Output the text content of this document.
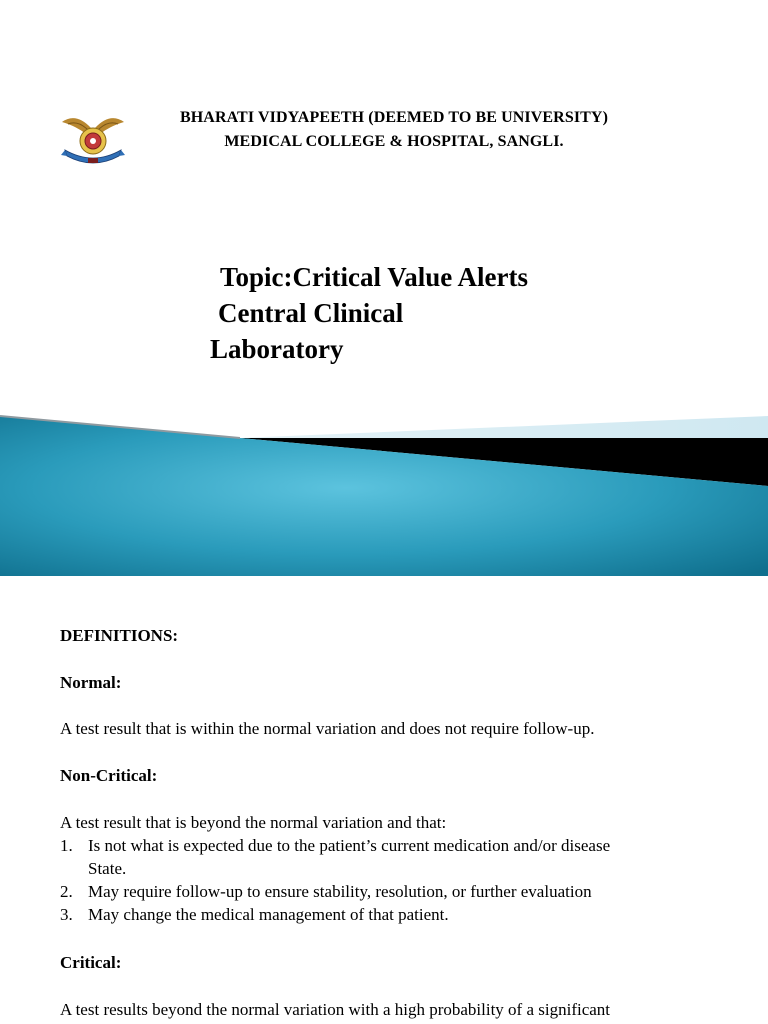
BHARATI VIDYAPEETH (DEEMED TO BE UNIVERSITY)
MEDICAL COLLEGE & HOSPITAL, SANGLI.
Topic:Critical Value Alerts
Central Clinical
Laboratory
DEFINITIONS:
Normal:
A test result that is within the normal variation and does not require follow-up.
Non-Critical:
A test result that is beyond the normal variation and that:
1. Is not what is expected due to the patient’s current medication and/or disease
State.
2. May require follow-up to ensure stability, resolution, or further evaluation
3. May change the medical management of that patient.
Critical:
A test results beyond the normal variation with a high probability of a significant
